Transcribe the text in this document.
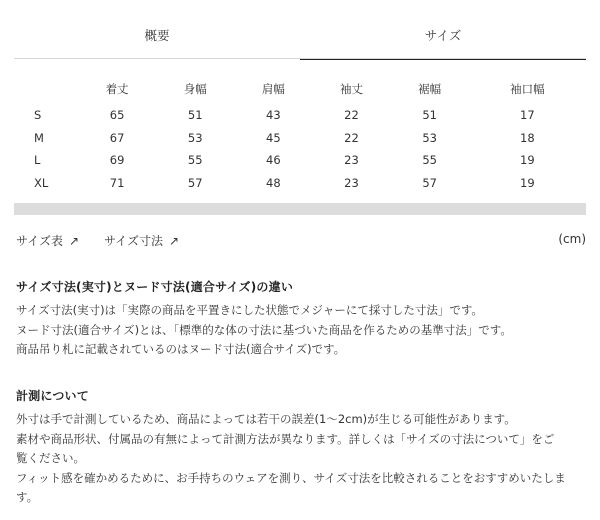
概要	サイズ
	着丈	身幅	肩幅	袖丈	裾幅	袖口幅
S	65	51	43	22	51	17
M	67	53	45	22	53	18
L	69	55	46	23	55	19
XL	71	57	48	23	57	19
サイズ表 ↗ サイズ寸法 ↗	(cm)
サイズ寸法(実寸)とヌード寸法(適合サイズ)の違い

サイズ寸法(実寸)は「実際の商品を平置きにした状態でメジャーにて採寸した寸法」です。

ヌード寸法(適合サイズ)とは、「標準的な体の寸法に基づいた商品を作るための基準寸法」です。

商品吊り札に記載されているのはヌード寸法(適合サイズ)です。

計測について

外寸は手で計測しているため、商品によっては若干の誤差(1〜2cm)が生じる可能性があります。

素材や商品形状、付属品の有無によって計測方法が異なります。詳しくは「サイズの寸法について」をご

覧ください。

フィット感を確かめるために、お手持ちのウェアを測り、サイズ寸法を比較されることをおすすめいたしま

す。
